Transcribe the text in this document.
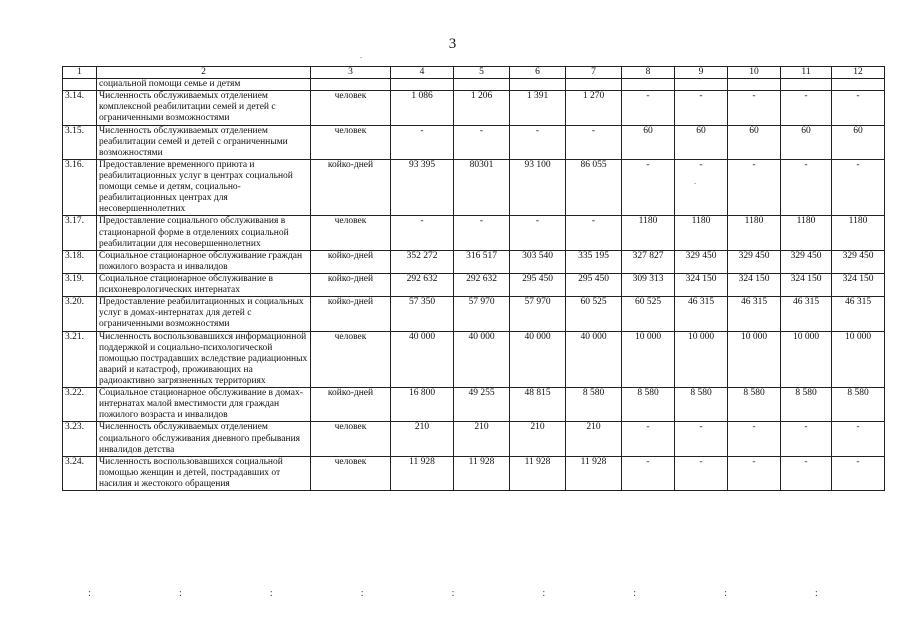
3
1	2	3	4	5	6	7	8	9	10	11	12
	социальной помощи семье и детям										
3.14.	Численность обслуживаемых отделением комплексной реабилитации семей и детей с ограниченными возможностями	человек	1 086	1 206	1 391	1 270	-	-	-	-	-
3.15.	Численность обслуживаемых отделением реабилитации семей и детей с ограниченными возможностями	человек	-	-	-	-	60	60	60	60	60
3.16.	Предоставление временного приюта и реабилитационных услуг в центрах социальной помощи семье и детям, социально-реабилитационных центрах для несовершеннолетних	койко-дней	93 395	80301	93 100	86 055	-	-	-	-	-
3.17.	Предоставление социального обслуживания в стационарной форме в отделениях социальной реабилитации для несовершеннолетних	человек	-	-	-	-	1180	1180	1180	1180	1180
3.18.	Социальное стационарное обслуживание граждан пожилого возраста и инвалидов	койко-дней	352 272	316 517	303 540	335 195	327 827	329 450	329 450	329 450	329 450
3.19.	Социальное стационарное обслуживание в психоневрологических интернатах	койко-дней	292 632	292 632	295 450	295 450	309 313	324 150	324 150	324 150	324 150
3.20.	Предоставление реабилитационных и социальных услуг в домах-интернатах для детей с ограниченными возможностями	койко-дней	57 350	57 970	57 970	60 525	60 525	46 315	46 315	46 315	46 315
3.21.	Численность воспользовавшихся информационной поддержкой и социально-психологической помощью пострадавших вследствие радиационных аварий и катастроф, проживающих на радиоактивно загрязненных территориях	человек	40 000	40 000	40 000	40 000	10 000	10 000	10 000	10 000	10 000
3.22.	Социальное стационарное обслуживание в домах-интернатах малой вместимости для граждан пожилого возраста и инвалидов	койко-дней	16 800	49 255	48 815	8 580	8 580	8 580	8 580	8 580	8 580
3.23.	Численность обслуживаемых отделением социального обслуживания дневного пребывания инвалидов детства	человек	210	210	210	210	-	-	-	-	-
3.24.	Численность воспользовавшихся социальной помощью женщин и детей, пострадавших от насилия и жестокого обращения	человек	11 928	11 928	11 928	11 928	-	-	-	-	-
:	:	:	:	:	:	:	:	:
.
.
